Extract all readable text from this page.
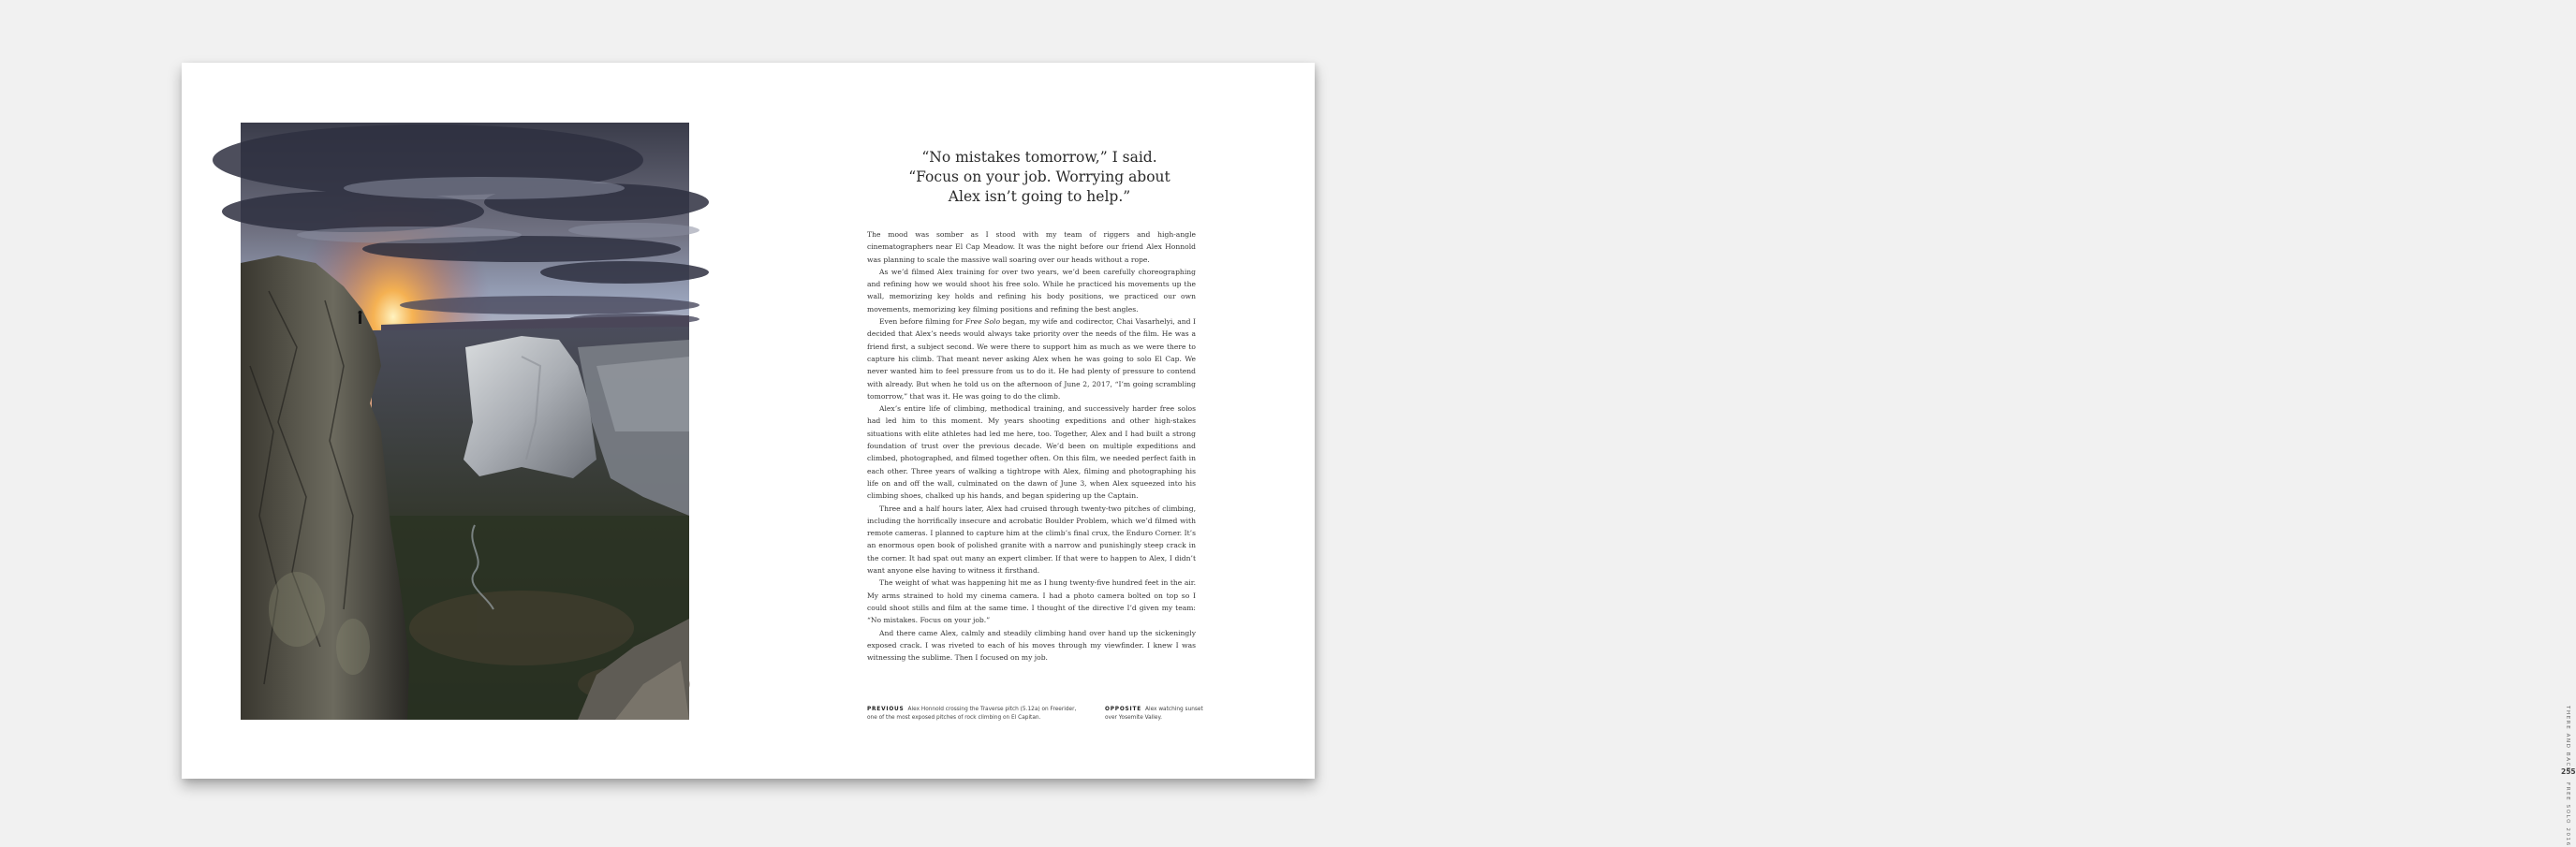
“No mistakes tomorrow,” I said.
“Focus on your job. Worrying about
Alex isn’t going to help.”

The mood was somber as I stood with my team of riggers and high-angle cinematographers near El Cap Meadow. It was the night before our friend Alex Honnold was planning to scale the massive wall soaring over our heads without a rope.

As we’d filmed Alex training for over two years, we’d been carefully choreographing and refining how we would shoot his free solo. While he practiced his movements up the wall, memorizing key holds and refining his body positions, we practiced our own movements, memorizing key filming positions and refining the best angles.

Even before filming for Free Solo began, my wife and codirector, Chai Vasarhelyi, and I decided that Alex’s needs would always take priority over the needs of the film. He was a friend first, a subject second. We were there to support him as much as we were there to capture his climb. That meant never asking Alex when he was going to solo El Cap. We never wanted him to feel pressure from us to do it. He had plenty of pressure to contend with already. But when he told us on the afternoon of June 2, 2017, “I’m going scrambling tomorrow,” that was it. He was going to do the climb.

Alex’s entire life of climbing, methodical training, and successively harder free solos had led him to this moment. My years shooting expeditions and other high-stakes situations with elite athletes had led me here, too. Together, Alex and I had built a strong foundation of trust over the previous decade. We’d been on multiple expeditions and climbed, photographed, and filmed together often. On this film, we needed perfect faith in each other. Three years of walking a tightrope with Alex, filming and photographing his life on and off the wall, culminated on the dawn of June 3, when Alex squeezed into his climbing shoes, chalked up his hands, and began spidering up the Captain.

Three and a half hours later, Alex had cruised through twenty-two pitches of climbing, including the horrifically insecure and acrobatic Boulder Problem, which we’d filmed with remote cameras. I planned to capture him at the climb’s final crux, the Enduro Corner. It’s an enormous open book of polished granite with a narrow and punishingly steep crack in the corner. It had spat out many an expert climber. If that were to happen to Alex, I didn’t want anyone else having to witness it firsthand.

The weight of what was happening hit me as I hung twenty-five hundred feet in the air. My arms strained to hold my cinema camera. I had a photo camera bolted on top so I could shoot stills and film at the same time. I thought of the directive I’d given my team: “No mistakes. Focus on your job.”

And there came Alex, calmly and steadily climbing hand over hand up the sickeningly exposed crack. I was riveted to each of his moves through my viewfinder. I knew I was witnessing the sublime. Then I focused on my job.

THERE AND BACK
255
FREE SOLO 2016
PREVIOUS Alex Honnold crossing the Traverse pitch (5.12a) on Freerider, one of the most exposed pitches of rock climbing on El Capitan.
OPPOSITE Alex watching sunset over Yosemite Valley.
